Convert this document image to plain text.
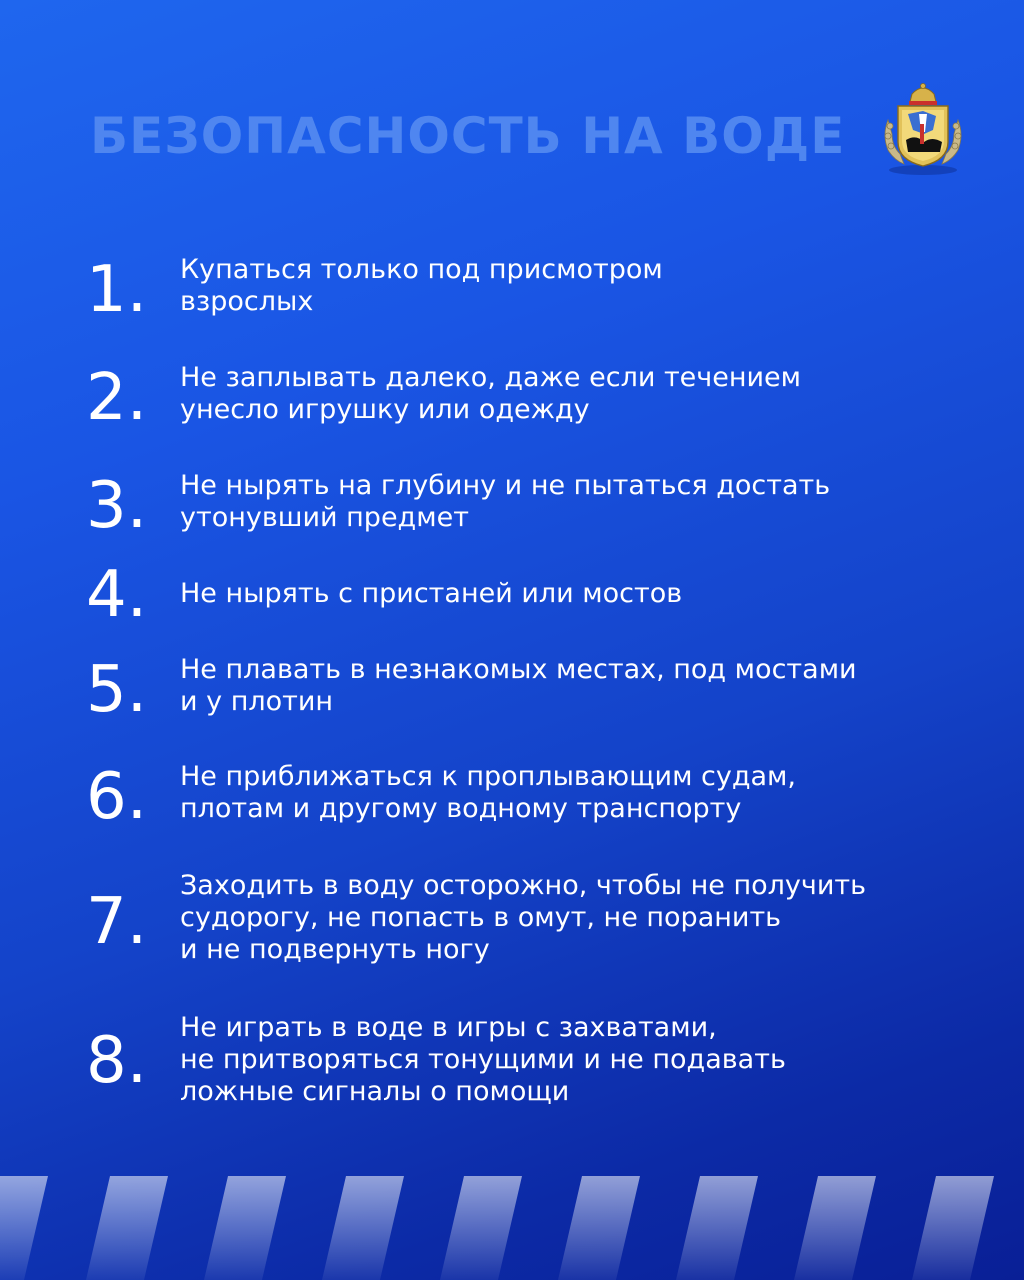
БЕЗОПАСНОСТЬ НА ВОДЕ
1.	Купаться только под присмотром
взрослых
2.	Не заплывать далеко, даже если течением
унесло игрушку или одежду
3.	Не нырять на глубину и не пытаться достать
утонувший предмет
4.	Не нырять с пристаней или мостов
5.	Не плавать в незнакомых местах, под мостами
и у плотин
6.	Не приближаться к проплывающим судам,
плотам и другому водному транспорту
7.	Заходить в воду осторожно, чтобы не получить
судорогу, не попасть в омут, не поранить
и не подвернуть ногу
8.	Не играть в воде в игры с захватами,
не притворяться тонущими и не подавать
ложные сигналы о помощи
